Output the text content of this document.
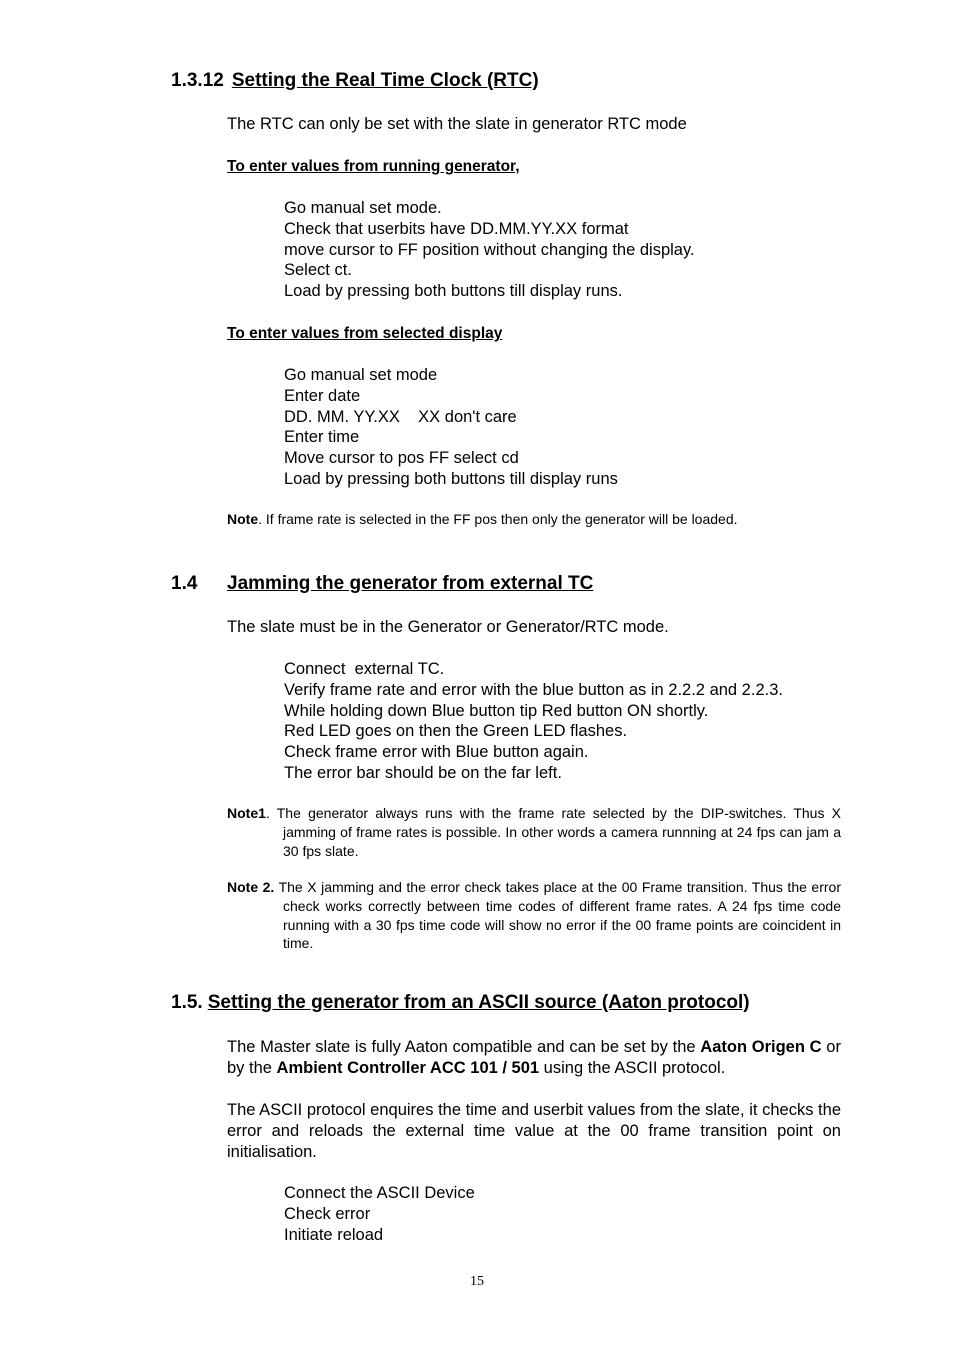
1.3.12 Setting the Real Time Clock (RTC)
The RTC can only be set with the slate in generator RTC mode
To enter values from running generator,
Go manual set mode.
Check that userbits have DD.MM.YY.XX format
move cursor to FF position without changing the display.
Select ct.
Load by pressing both buttons till display runs.
To enter values from selected display
Go manual set mode
Enter date
DD. MM. YY.XX    XX don't care
Enter time
Move cursor to pos FF select cd
Load by pressing both buttons till display runs
Note. If frame rate is selected in the FF pos then only the generator will be loaded.
1.4 Jamming the generator from external TC
The slate must be in the Generator or Generator/RTC mode.
Connect  external TC.
Verify frame rate and error with the blue button as in 2.2.2 and 2.2.3.
While holding down Blue button tip Red button ON shortly.
Red LED goes on then the Green LED flashes.
Check frame error with Blue button again.
The error bar should be on the far left.
Note1. The generator always runs with the frame rate selected by the DIP-switches. Thus X jamming of frame rates is possible. In other words a camera runnning at 24 fps can jam a 30 fps slate.
Note 2. The X jamming and the error check takes place at the 00 Frame transition. Thus the error check works correctly between time codes of different frame rates. A 24 fps time code running with a 30 fps time code will show no error if the 00 frame points are coincident in time.
1.5. Setting the generator from an ASCII source (Aaton protocol)
The Master slate is fully Aaton compatible and can be set by the Aaton Origen C or by the Ambient Controller ACC 101 / 501 using the ASCII protocol.
The ASCII protocol enquires the time and userbit values from the slate, it checks the error and reloads the external time value at the 00 frame transition point on initialisation.
Connect the ASCII Device
Check error
Initiate reload
15
